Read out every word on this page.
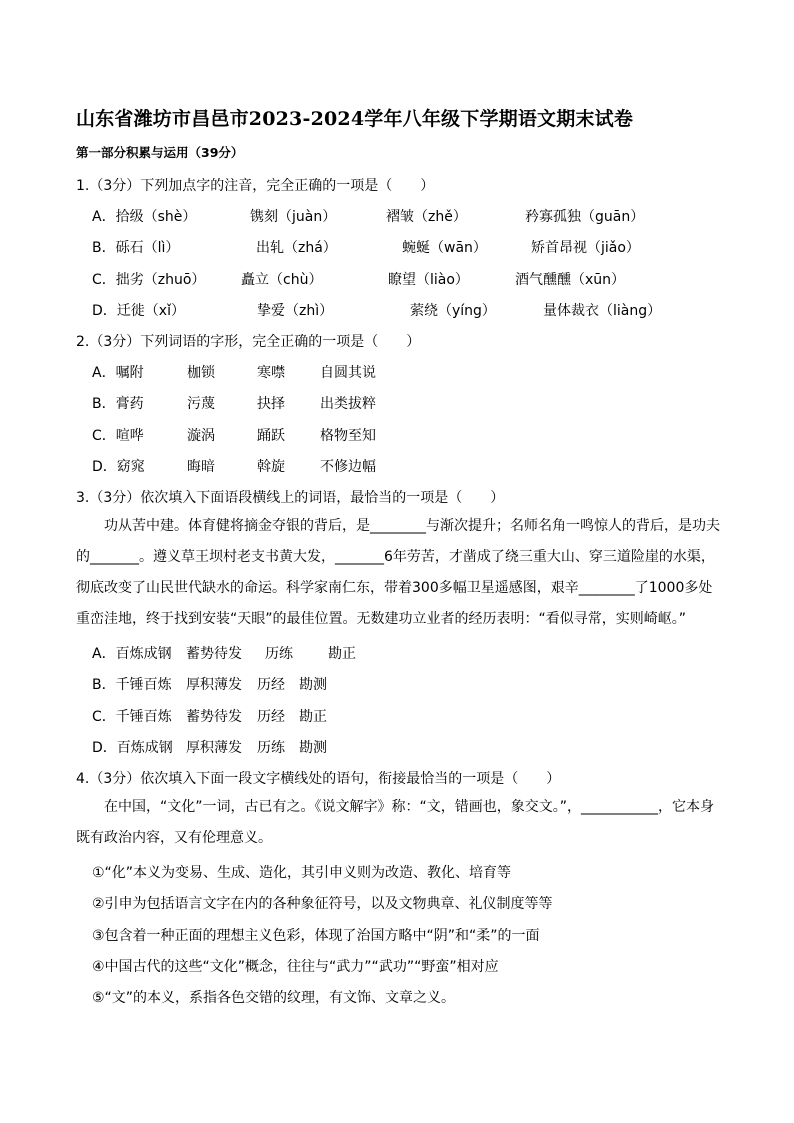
山东省潍坊市昌邑市2023-2024学年八年级下学期语文期末试卷
第一部分积累与运用（39分）
1.（3分）下列加点字的注音，完全正确的一项是（　　）
A．拾级（shè）	镌刻（juàn）	褶皱（zhě）	矜寡孤独（guān）
B．砾石（lì）	出轧（zhá）	蜿蜒（wān）	矫首昂视（jiǎo）
C．拙劣（zhuō）	矗立（chù）	瞭望（liào）	酒气醺醺（xūn）
D．迁徙（xǐ）	挚爱（zhì）	萦绕（yíng）	量体裁衣（liàng）
2.（3分）下列词语的字形，完全正确的一项是（　　）
A．嘱附	枷锁	寒噤	自圆其说
B．膏药	污蔑	抉择	出类拔粹
C．喧哗	漩涡	踊跃	格物至知
D．窈窕	晦暗	斡旋	不修边幅
3.（3分）依次填入下面语段横线上的词语，最恰当的一项是（　　）
　　功从苦中建。体育健将摘金夺银的背后，是________与渐次提升；名师名角一鸣惊人的背后，是功夫
的_______。遵义草王坝村老支书黄大发，_______6年劳苦，才凿成了绕三重大山、穿三道险崖的水渠，
彻底改变了山民世代缺水的命运。科学家南仁东，带着300多幅卫星遥感图，艰辛________了1000多处
重峦洼地，终于找到安装“天眼”的最佳位置。无数建功立业者的经历表明：“看似寻常，实则崎岖。”
A．百炼成钢 蓄势待发 历练	勘正
B．千锤百炼 厚积薄发 历经 勘测
C．千锤百炼 蓄势待发 历经 勘正
D．百炼成钢 厚积薄发 历练 勘测
4.（3分）依次填入下面一段文字横线处的语句，衔接最恰当的一项是（　　）
　　在中国，“文化”一词，古已有之。《说文解字》称：“文，错画也，象交文。”，___________，它本身
既有政治内容，又有伦理意义。
①“化”本义为变易、生成、造化，其引申义则为改造、教化、培育等
②引申为包括语言文字在内的各种象征符号，以及文物典章、礼仪制度等等
③包含着一种正面的理想主义色彩，体现了治国方略中“阴”和“柔”的一面
④中国古代的这些“文化”概念，往往与“武力”“武功”“野蛮”相对应
⑤“文”的本义，系指各色交错的纹理，有文饰、文章之义。
